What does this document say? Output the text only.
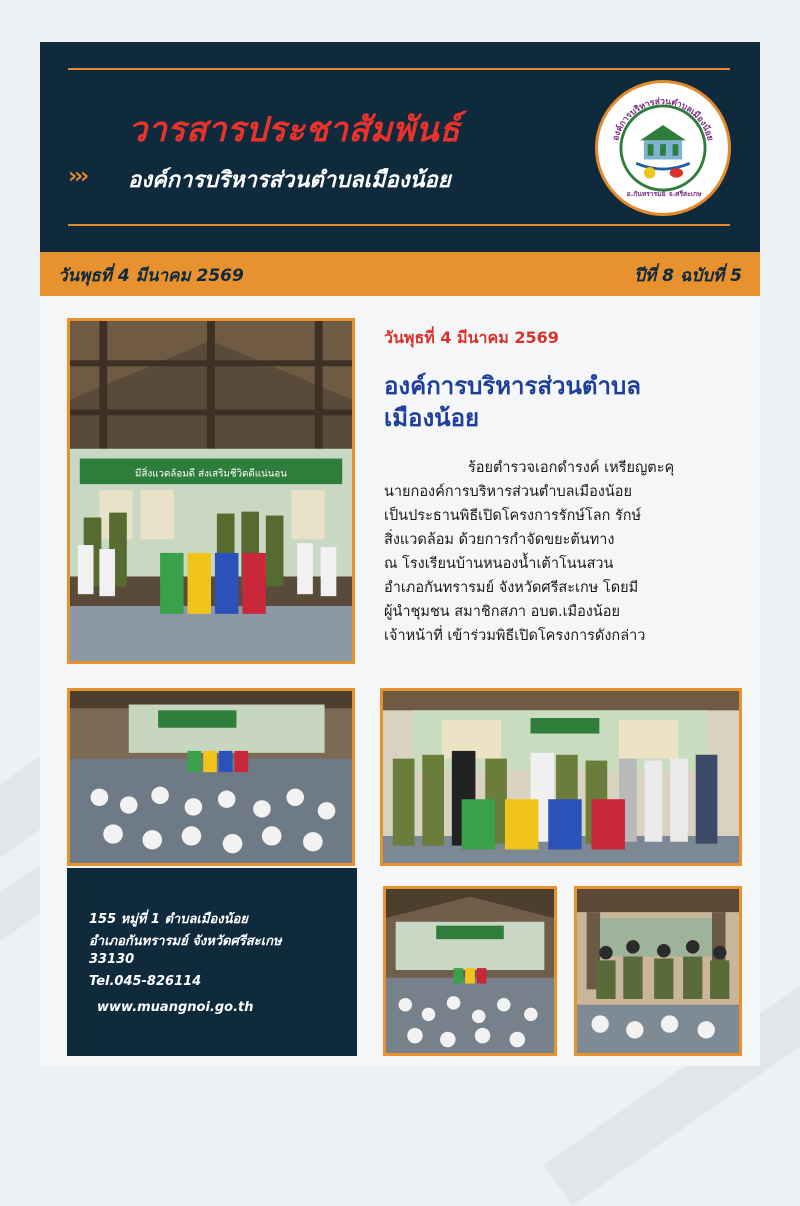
›››
วารสารประชาสัมพันธ์
องค์การบริหารส่วนตำบลเมืองน้อย
องค์การบริหารส่วนตำบลเมืองน้อย
อ.กันทรารมย์ จ.ศรีสะเกษ
วันพุธที่ 4 มีนาคม 2569	ปีที่ 8 ฉบับที่ 5
มีสิ่งแวดล้อมดี ส่งเสริมชีวิตดีแน่นอน
วันพุธที่ 4 มีนาคม 2569
องค์การบริหารส่วนตำบล
เมืองน้อย

ร้อยตำรวจเอกดำรงค์ เหรียญตะคุ

นายกองค์การบริหารส่วนตำบลเมืองน้อย
เป็นประธานพิธีเปิดโครงการรักษ์โลก รักษ์
สิ่งแวดล้อม ด้วยการกำจัดขยะต้นทาง
ณ โรงเรียนบ้านหนองน้ำเต้าโนนสวน
อำเภอกันทรารมย์ จังหวัดศรีสะเกษ โดยมี
ผู้นำชุมชน สมาชิกสภา อบต.เมืองน้อย
เจ้าหน้าที่ เข้าร่วมพิธีเปิดโครงการดังกล่าว
155 หมู่ที่ 1 ตำบลเมืองน้อย
อำเภอกันทรารมย์ จังหวัดศรีสะเกษ
33130
Tel.045-826114
www.muangnoi.go.th
